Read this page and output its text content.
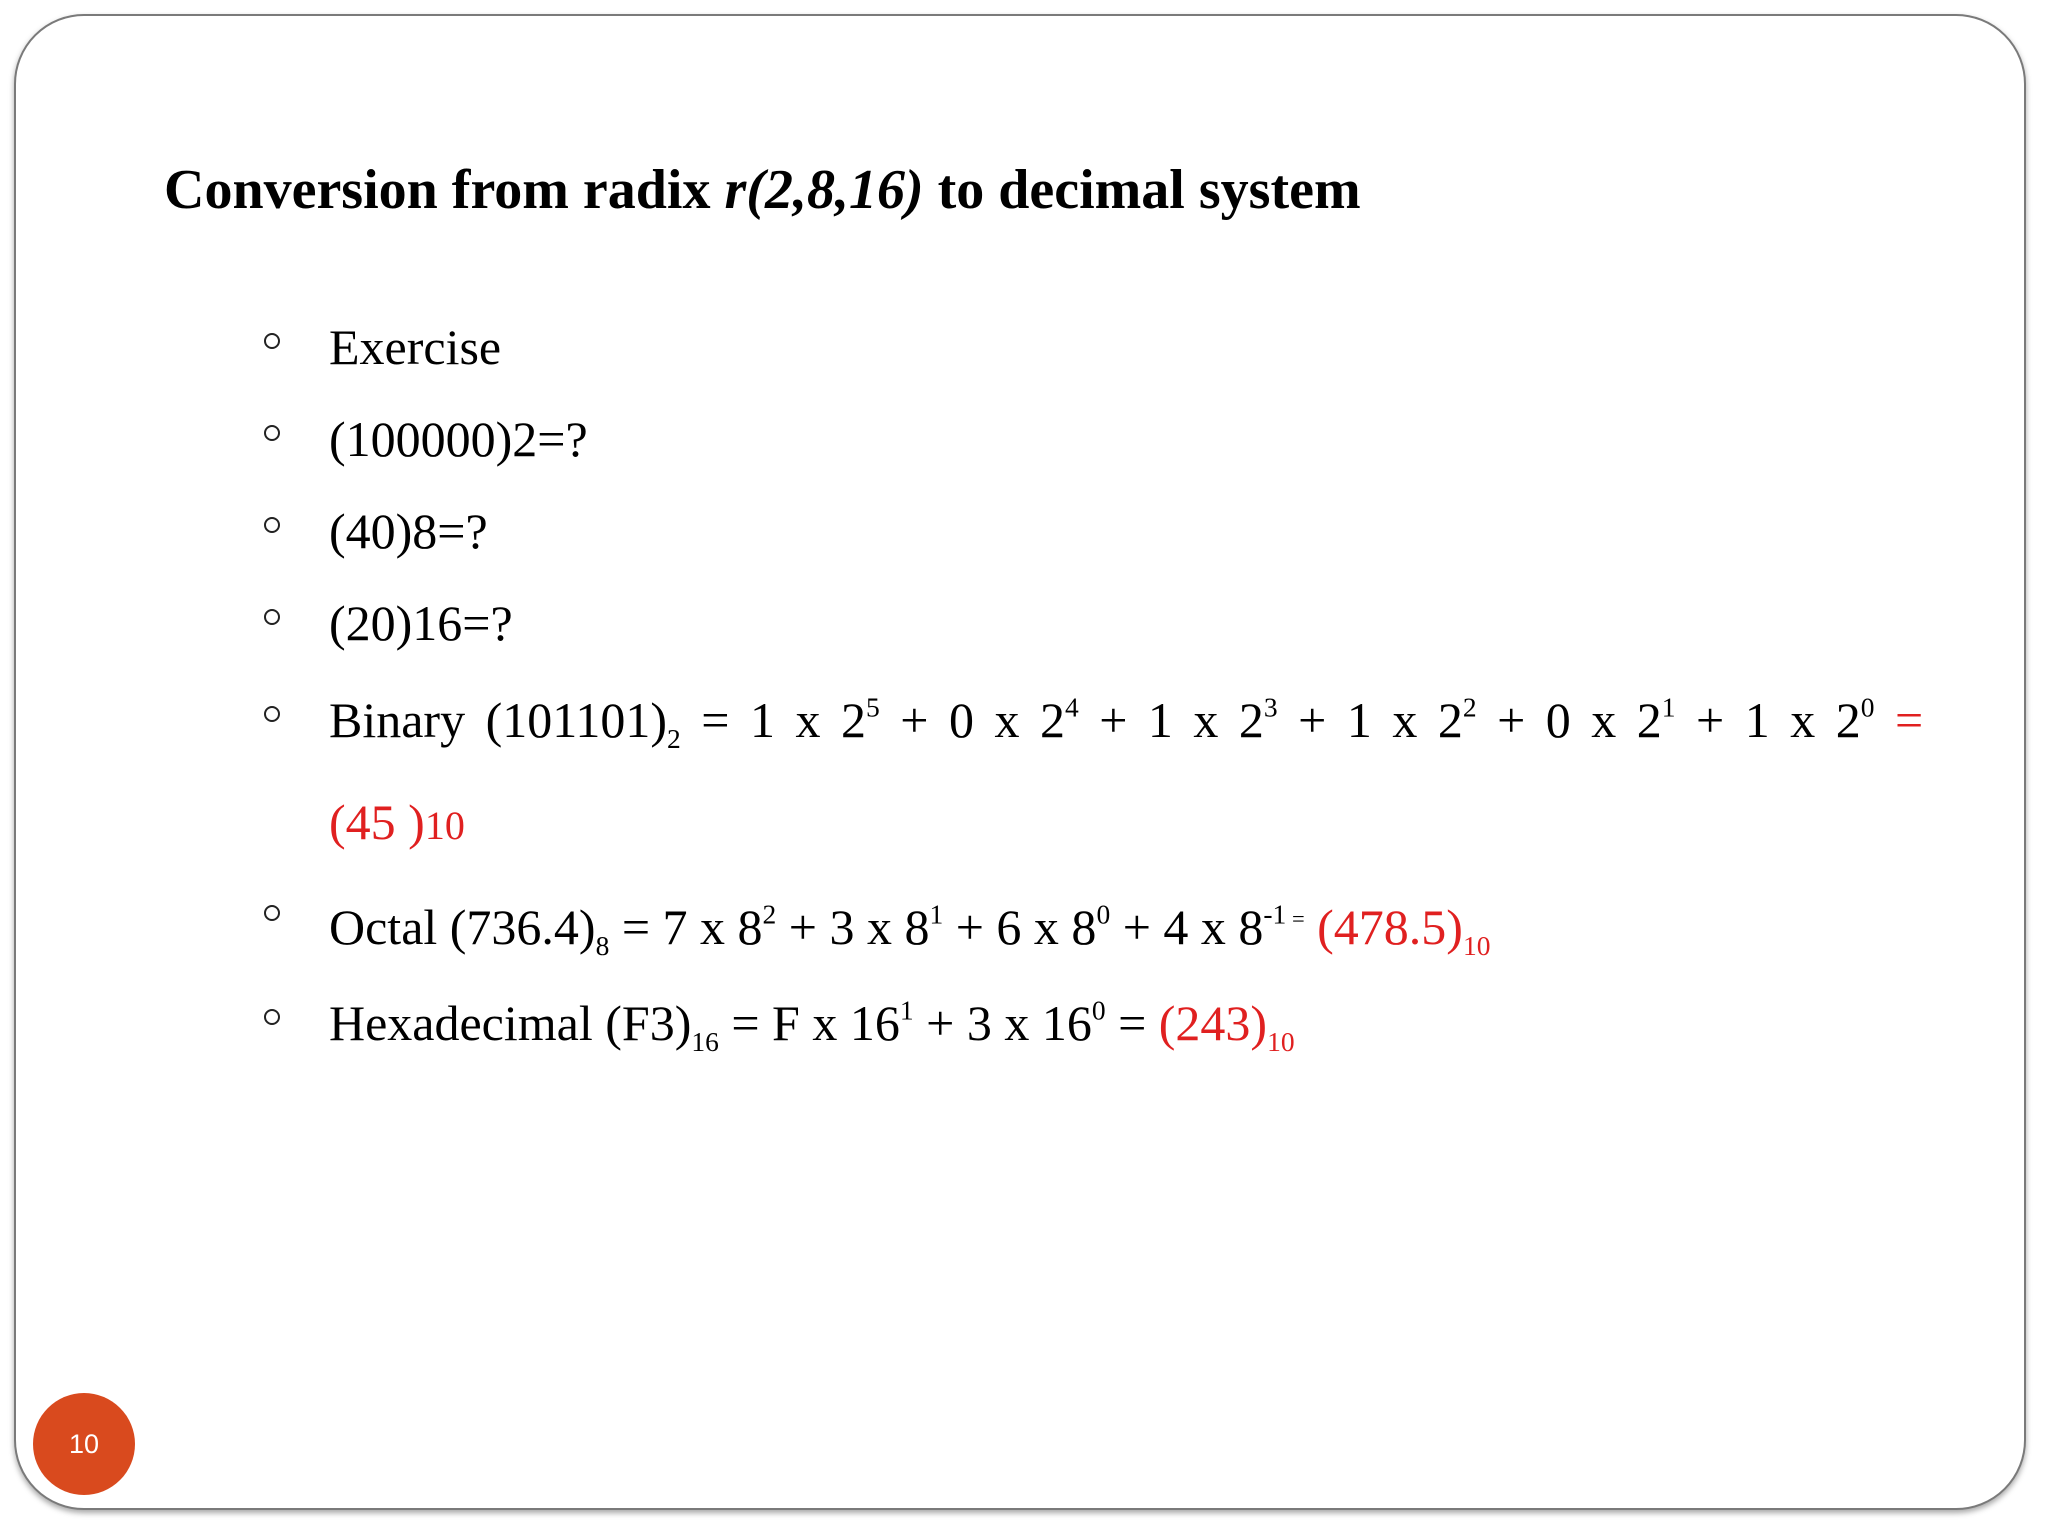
Conversion from radix r(2,8,16) to decimal system
Exercise
(100000)2=?
(40)8=?
(20)16=?
Binary $(101101)_2 = 1$ x $2^5 + 0$ x $2^4 + 1$ x $2^3 + 1$ x $2^2 + 0$ x $2^1 + 1$ x $2^0$ =
(45 )10
Octal $(736.4)_8 = 7$ x $8^2 + 3$ x $8^1 + 6$ x $8^0 + 4$ x $8^{-1}$ = $(478.5)_{10}$
Hexadecimal $(F3)_{16} = F$ x $16^1 + 3$ x $16^0 = (243)_{10}$
10
